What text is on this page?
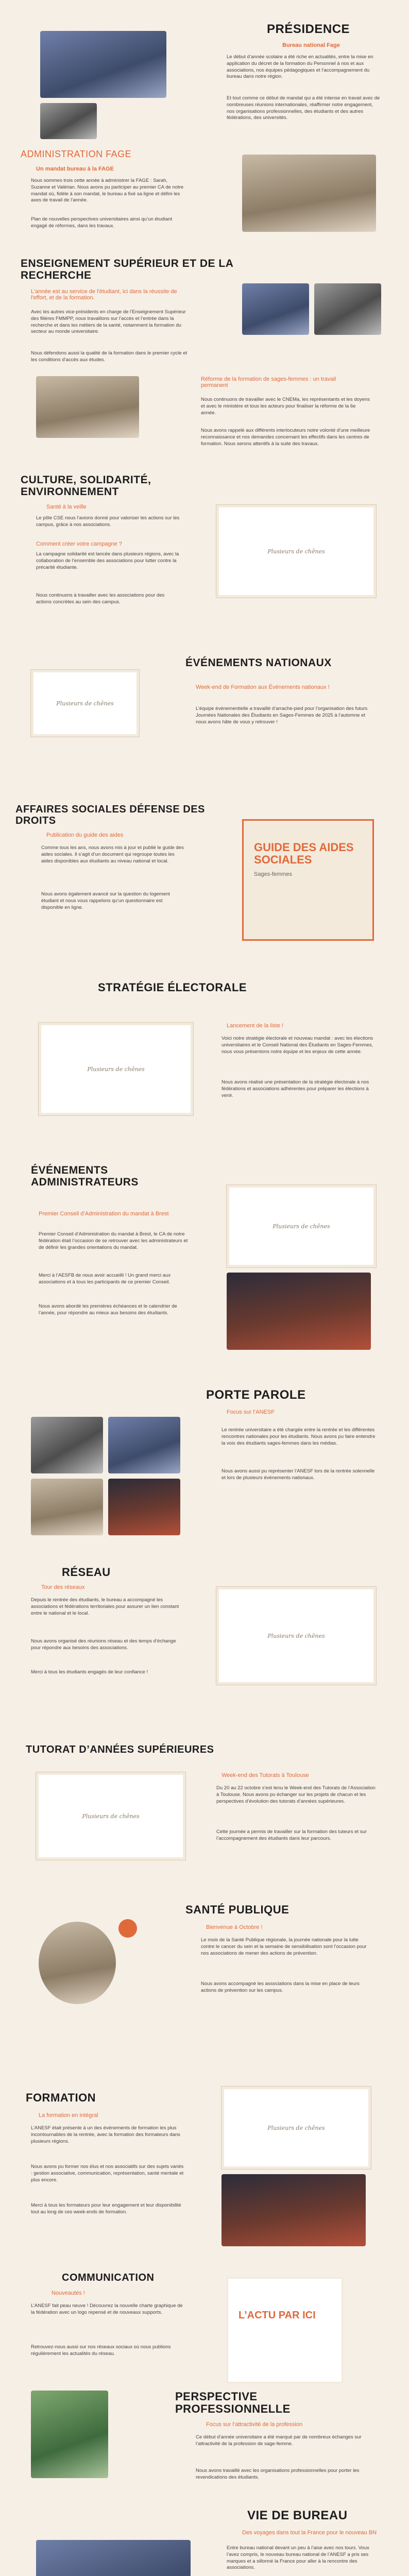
PRÉSIDENCE
Bureau national Fage
Le début d’année scolaire a été riche en actualités, entre la mise en application du décret de la formation du Personnel à nos et aux associations, nos équipes pédagogiques et l’accompagnement du bureau dans notre région.
Et tout comme ce début de mandat qui a été intense en travail avec de nombreuses réunions internationales, réaffirmer notre engagement, nos organisations professionnelles, des étudiants et des autres fédérations, des universités.
ADMINISTRATION FAGE
Un mandat bureau à la FAGE
Nous sommes trois cette année à administrer la FAGE : Sarah, Suzanne et Valérian. Nous avons pu participer au premier CA de notre mandat où, fidèle à son mandat, le bureau a fixé sa ligne et défini les axes de travail de l’année.
Plan de nouvelles perspectives universitaires ainsi qu’un étudiant engagé de réformes, dans les travaux.
ENSEIGNEMENT SUPÉRIEUR ET DE LA RECHERCHE
L'année est au service de l'étudiant, ici dans la réussite de l'effort, et de la formation.
Avec les autres vice-présidents en charge de l’Enseignement Supérieur des filières FMMPP, nous travaillons sur l’accès et l’entrée dans la recherche et dans les métiers de la santé, notamment la formation du secteur au monde universitaire.
Nous défendons aussi la qualité de la formation dans le premier cycle et les conditions d’accès aux études.
Réforme de la formation de sages-femmes : un travail permanent
Nous continuons de travailler avec le CNEMa, les représentants et les doyens et avec le ministère et tous les acteurs pour finaliser la réforme de la 6e année.
Nous avons rappelé aux différents interlocuteurs notre volonté d’une meilleure reconnaissance et nos demandes concernant les effectifs dans les centres de formation. Nous serons attentifs à la suite des travaux.
CULTURE, SOLIDARITÉ, ENVIRONNEMENT
Santé à la veille
Le pôle CSE nous l’avions donné pour valoriser les actions sur les campus, grâce à nos associations.
Comment créer votre campagne ?
La campagne solidarité est lancée dans plusieurs régions, avec la collaboration de l’ensemble des associations pour lutter contre la précarité étudiante.
Nous continuons à travailler avec les associations pour des actions concrètes au sein des campus.
Plusieurs de chênes
Plusieurs de chênes
ÉVÉNEMENTS NATIONAUX
Week-end de Formation aux Événements nationaux !
L’équipe événementielle a travaillé d’arrache-pied pour l’organisation des futurs Journées Nationales des Étudiants en Sages-Femmes de 2025 à l’automne et nous avons hâte de vous y retrouver !
AFFAIRES SOCIALES DÉFENSE DES DROITS
Publication du guide des aides
Comme tous les ans, nous avons mis à jour et publié le guide des aides sociales. Il s’agit d’un document qui regroupe toutes les aides disponibles aux étudiants au niveau national et local.
Nous avons également avancé sur la question du logement étudiant et nous vous rappelons qu’un questionnaire est disponible en ligne.
GUIDE DES AIDES SOCIALES
Sages-femmes
STRATÉGIE ÉLECTORALE
Plusieurs de chênes
Lancement de la liste !
Voici notre stratégie électorale et nouveau mandat : avec les élections universitaires et le Conseil National des Étudiants en Sages-Femmes, nous vous présentons notre équipe et les enjeux de cette année.
Nous avons réalisé une présentation de la stratégie électorale à nos fédérations et associations adhérentes pour préparer les élections à venir.
ÉVÉNEMENTS ADMINISTRATEURS
Premier Conseil d’Administration du mandat à Brest
Premier Conseil d’Administration du mandat à Brest, le CA de notre fédération était l’occasion de se retrouver avec les administrateurs et de définir les grandes orientations du mandat.
Merci à l’AESFB de nous avoir accueilli ! Un grand merci aux associations et à tous les participants de ce premier Conseil.
Nous avons abordé les premières échéances et le calendrier de l’année, pour répondre au mieux aux besoins des étudiants.
Plusieurs de chênes
PORTE PAROLE
Focus sur l’ANESF
Le rentrée universitaire a été chargée entre la rentrée et les différentes rencontres nationales pour les étudiants. Nous avons pu faire entendre la voix des étudiants sages-femmes dans les médias.
Nous avons aussi pu représenter l’ANESF lors de la rentrée solennelle et lors de plusieurs événements nationaux.
RÉSEAU
Tour des réseaux
Depuis le rentrée des étudiants, le bureau a accompagné les associations et fédérations territoriales pour assurer un lien constant entre le national et le local.
Nous avons organisé des réunions réseau et des temps d’échange pour répondre aux besoins des associations.
Merci à tous les étudiants engagés de leur confiance !
Plusieurs de chênes
TUTORAT D’ANNÉES SUPÉRIEURES
Plusieurs de chênes
Week-end des Tutorats à Toulouse
Du 20 au 22 octobre s’est tenu le Week-end des Tutorats de l’Association à Toulouse. Nous avons pu échanger sur les projets de chacun et les perspectives d’évolution des tutorats d’années supérieures.
Cette journée a permis de travailler sur la formation des tuteurs et sur l’accompagnement des étudiants dans leur parcours.
SANTÉ PUBLIQUE
Bienvenue à Octobre !
Le mois de la Santé Publique régionale, la journée nationale pour la lutte contre le cancer du sein et la semaine de sensibilisation sont l’occasion pour nos associations de mener des actions de prévention.
Nous avons accompagné les associations dans la mise en place de leurs actions de prévention sur les campus.
FORMATION
La formation en intégral
L’ANESF était présente à un des événements de formation les plus incontournables de la rentrée, avec la formation des formateurs dans plusieurs régions.
Nous avons pu former nos élus et nos associatifs sur des sujets variés : gestion associative, communication, représentation, santé mentale et plus encore.
Merci à tous les formateurs pour leur engagement et leur disponibilité tout au long de ces week-ends de formation.
Plusieurs de chênes
COMMUNICATION
Nouveautés !
L’ANESF fait peau neuve ! Découvrez la nouvelle charte graphique de la fédération avec un logo repensé et de nouveaux supports.
Retrouvez-nous aussi sur nos réseaux sociaux où nous publions régulièrement les actualités du réseau.
L’ACTU PAR ICI
PERSPECTIVE PROFESSIONNELLE
Focus sur l’attractivité de la profession
Ce début d’année universitaire a été marqué par de nombreux échanges sur l’attractivité de la profession de sage-femme.
Nous avons travaillé avec les organisations professionnelles pour porter les revendications des étudiants.
VIE DE BUREAU
Des voyages dans tout la France pour le nouveau BN
Entre bureau national devant un peu à l’aise avec nos tours. Vous l’avez compris, le nouveau bureau national de l’ANESF a pris ses marques et a sillonné la France pour aller à la rencontre des associations.
